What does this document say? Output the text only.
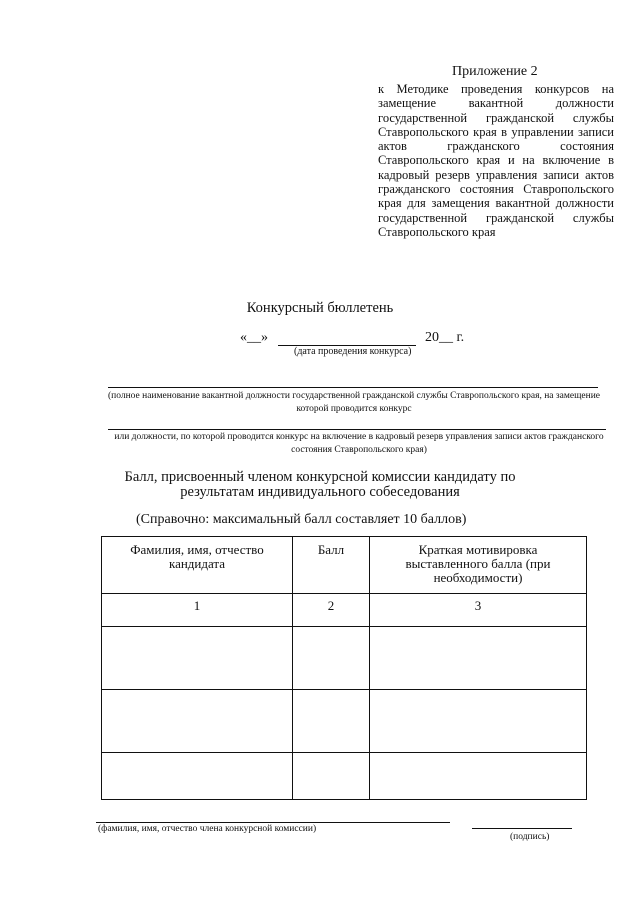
Приложение 2
к Методике проведения конкурсов на замещение вакантной должности государственной гражданской службы Ставропольского края в управлении записи актов гражданского состояния Ставропольского края и на включение в кадровый резерв управления записи актов гражданского состояния Ставропольского края для замещения вакантной должности государственной гражданской службы Ставропольского края
Конкурсный бюллетень
«__»	20__ г.
(дата проведения конкурса)
(полное наименование вакантной должности государственной гражданской службы Ставропольского края, на замещение которой проводится конкурс
или должности, по которой проводится конкурс на включение в кадровый резерв управления записи актов гражданского состояния Ставропольского края)
Балл, присвоенный членом конкурсной комиссии кандидату по результатам индивидуального собеседования
(Справочно: максимальный балл составляет 10 баллов)
Фамилия, имя, отчество кандидата	Балл	Краткая мотивировка выставленного балла (при необходимости)

1	2	3

(фамилия, имя, отчество члена конкурсной комиссии)
(подпись)
